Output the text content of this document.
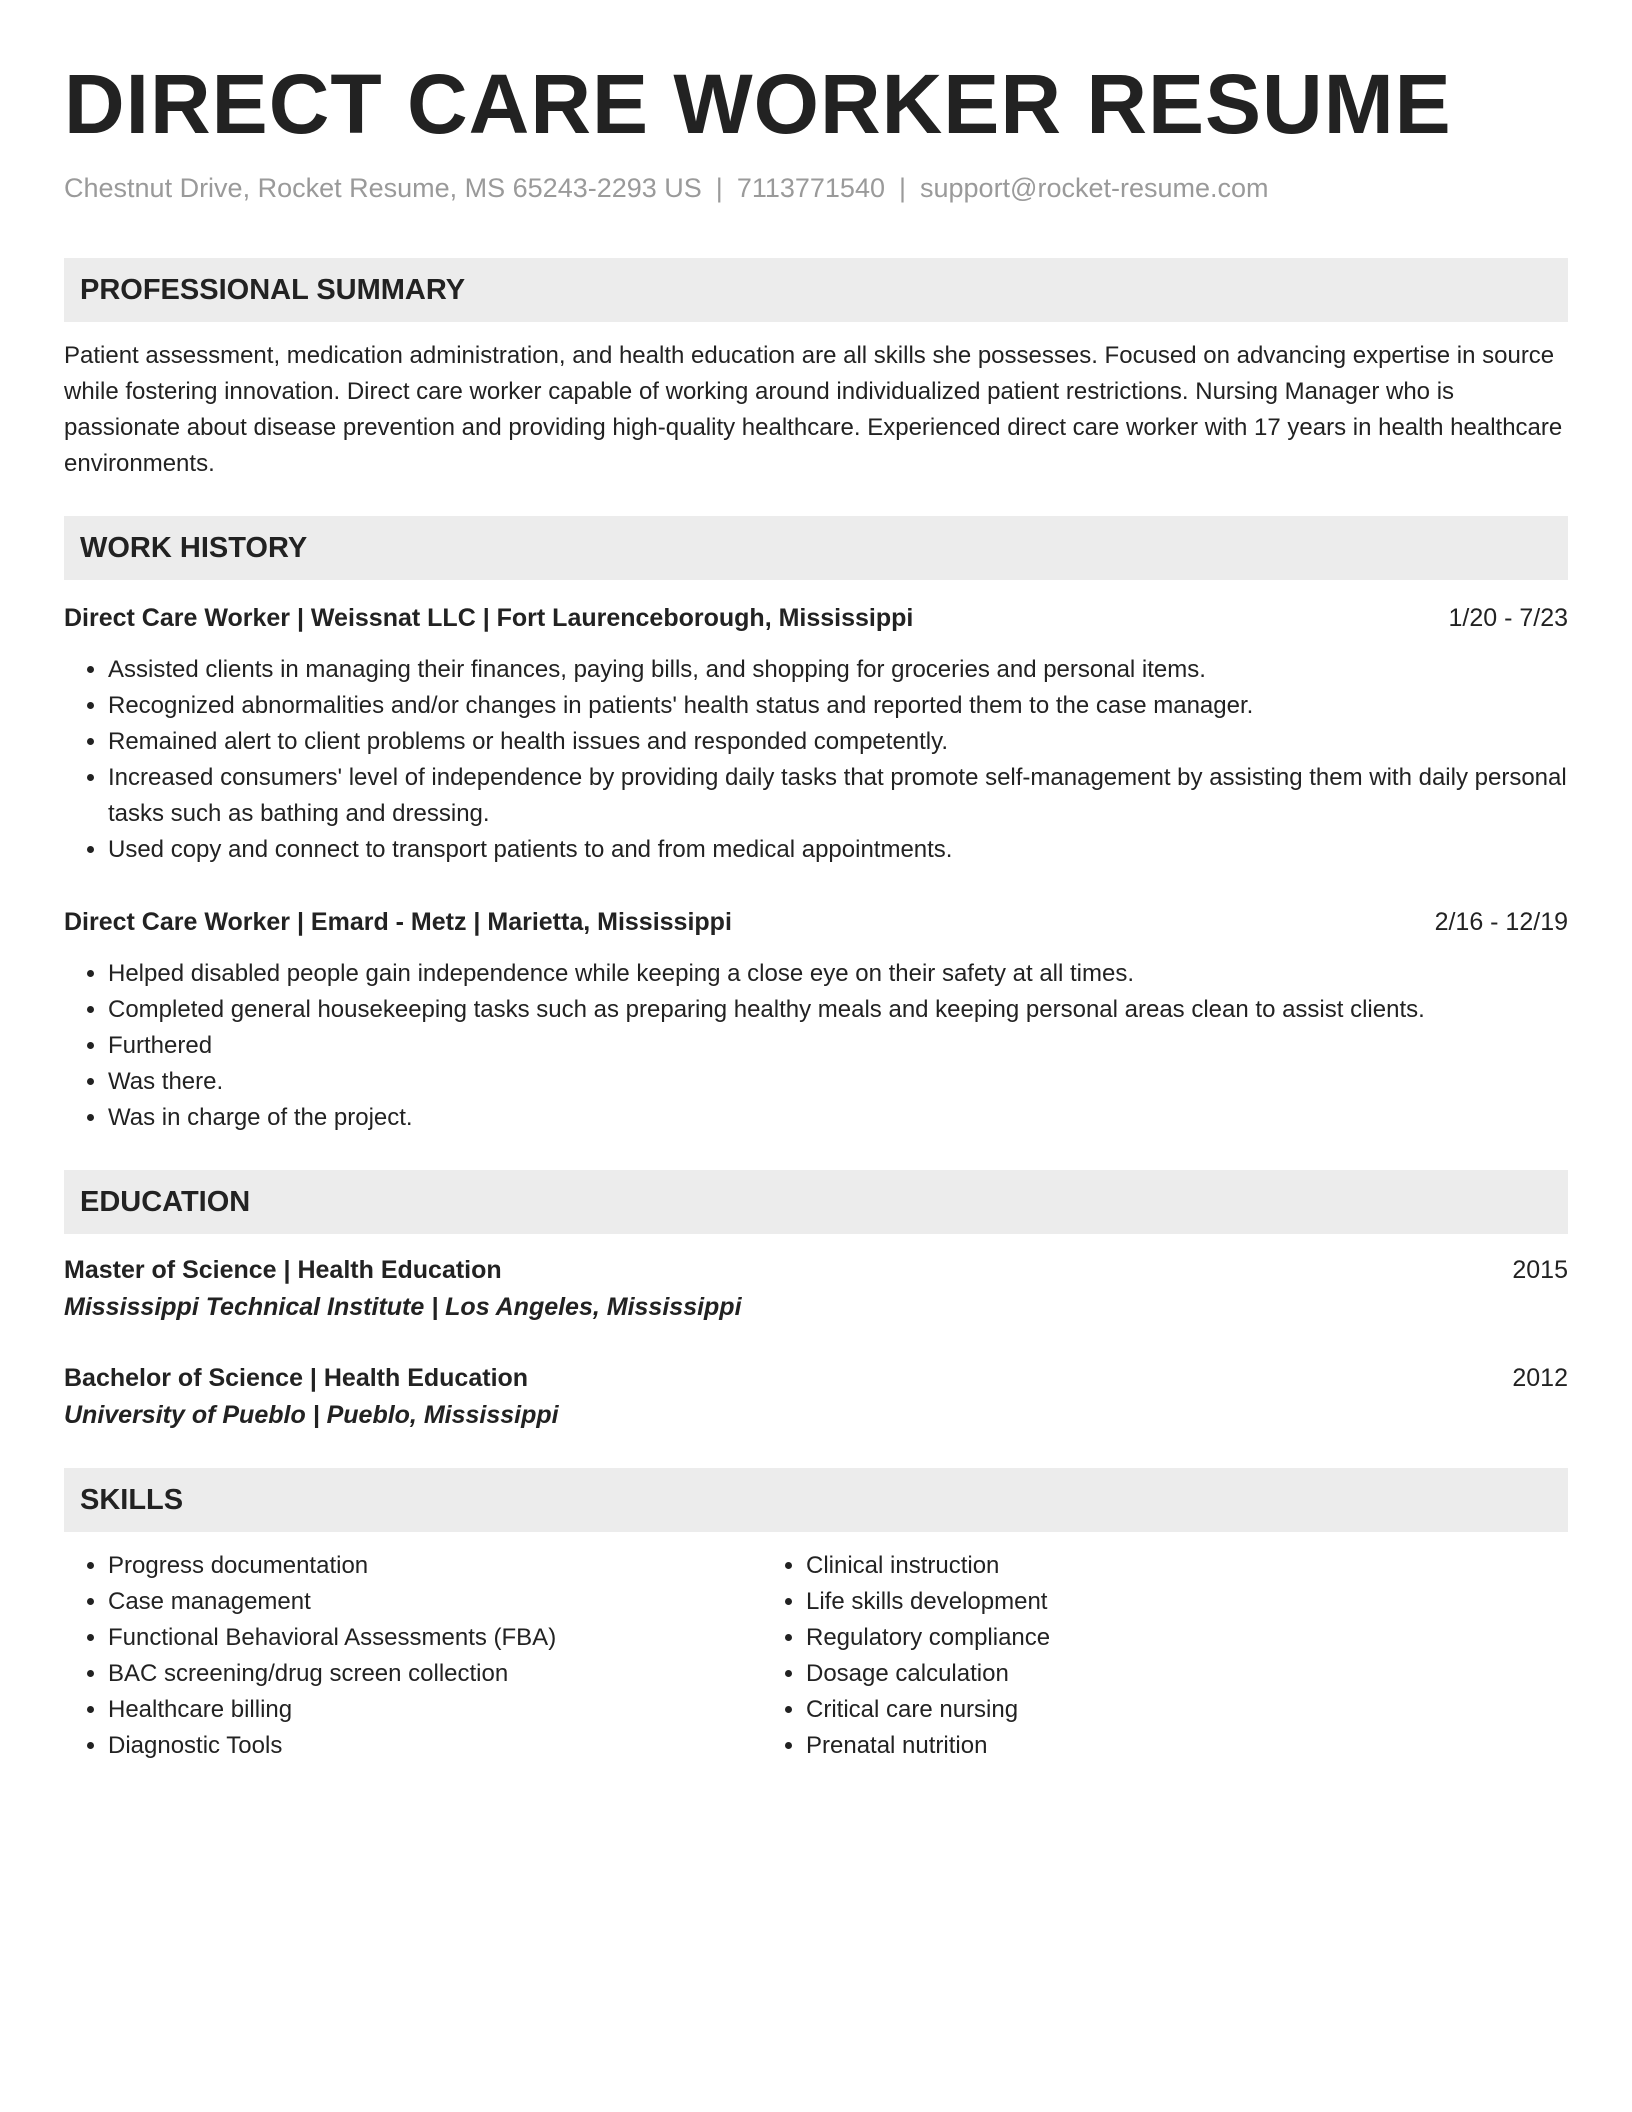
DIRECT CARE WORKER RESUME
Chestnut Drive, Rocket Resume, MS 65243-2293 US | 7113771540 | support@rocket-resume.com
PROFESSIONAL SUMMARY
Patient assessment, medication administration, and health education are all skills she possesses. Focused on advancing expertise in source while fostering innovation. Direct care worker capable of working around individualized patient restrictions. Nursing Manager who is passionate about disease prevention and providing high-quality healthcare. Experienced direct care worker with 17 years in health healthcare environments.
WORK HISTORY
Direct Care Worker | Weissnat LLC | Fort Laurenceborough, Mississippi	1/20 - 7/23
• Assisted clients in managing their finances, paying bills, and shopping for groceries and personal items.
• Recognized abnormalities and/or changes in patients' health status and reported them to the case manager.
• Remained alert to client problems or health issues and responded competently.
• Increased consumers' level of independence by providing daily tasks that promote self-management by assisting them with daily personal tasks such as bathing and dressing.
• Used copy and connect to transport patients to and from medical appointments.
Direct Care Worker | Emard - Metz | Marietta, Mississippi	2/16 - 12/19
• Helped disabled people gain independence while keeping a close eye on their safety at all times.
• Completed general housekeeping tasks such as preparing healthy meals and keeping personal areas clean to assist clients.
• Furthered
• Was there.
• Was in charge of the project.
EDUCATION
Master of Science | Health Education	2015
Mississippi Technical Institute | Los Angeles, Mississippi
Bachelor of Science | Health Education	2012
University of Pueblo | Pueblo, Mississippi
SKILLS
• Progress documentation
• Case management
• Functional Behavioral Assessments (FBA)
• BAC screening/drug screen collection
• Healthcare billing
• Diagnostic Tools
• Clinical instruction
• Life skills development
• Regulatory compliance
• Dosage calculation
• Critical care nursing
• Prenatal nutrition
